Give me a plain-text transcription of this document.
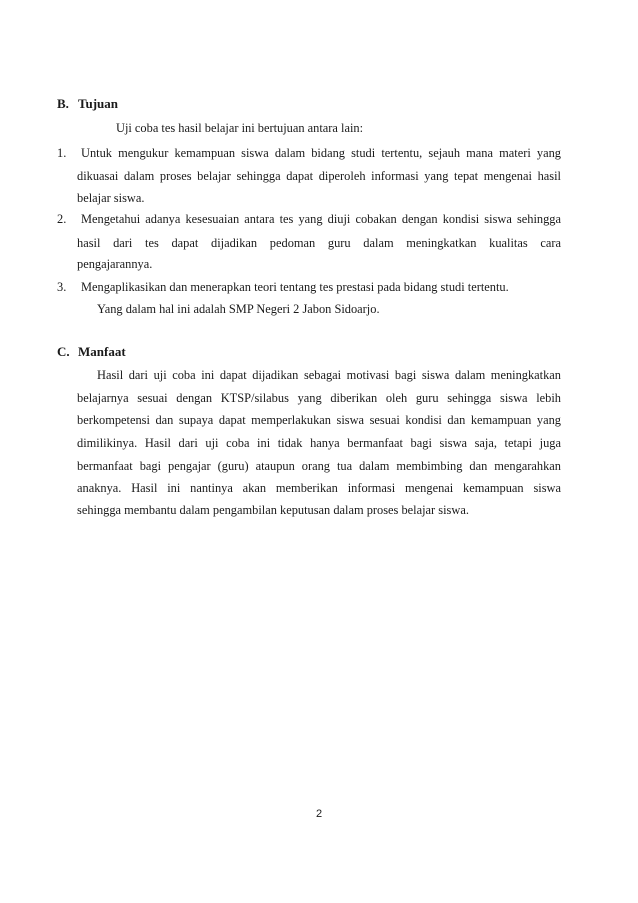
B. Tujuan
Uji coba tes hasil belajar ini bertujuan antara lain:
1. Untuk mengukur kemampuan siswa dalam bidang studi tertentu, sejauh mana materi yang
dikuasai dalam proses belajar sehingga dapat diperoleh informasi yang tepat mengenai hasil
belajar siswa.
2. Mengetahui adanya kesesuaian antara tes yang diuji cobakan dengan kondisi siswa sehingga
hasil dari tes dapat dijadikan pedoman guru dalam meningkatkan kualitas cara
pengajarannya.
3. Mengaplikasikan dan menerapkan teori tentang tes prestasi pada bidang studi tertentu.
Yang dalam hal ini adalah SMP Negeri 2 Jabon Sidoarjo.
C. Manfaat
Hasil dari uji coba ini dapat dijadikan sebagai motivasi bagi siswa dalam meningkatkan
belajarnya sesuai dengan KTSP/silabus yang diberikan oleh guru sehingga siswa lebih
berkompetensi dan supaya dapat memperlakukan siswa sesuai kondisi dan kemampuan yang
dimilikinya. Hasil dari uji coba ini tidak hanya bermanfaat bagi siswa saja, tetapi juga
bermanfaat bagi pengajar (guru) ataupun orang tua dalam membimbing dan mengarahkan
anaknya. Hasil ini nantinya akan memberikan informasi mengenai kemampuan siswa
sehingga membantu dalam pengambilan keputusan dalam proses belajar siswa.
2
